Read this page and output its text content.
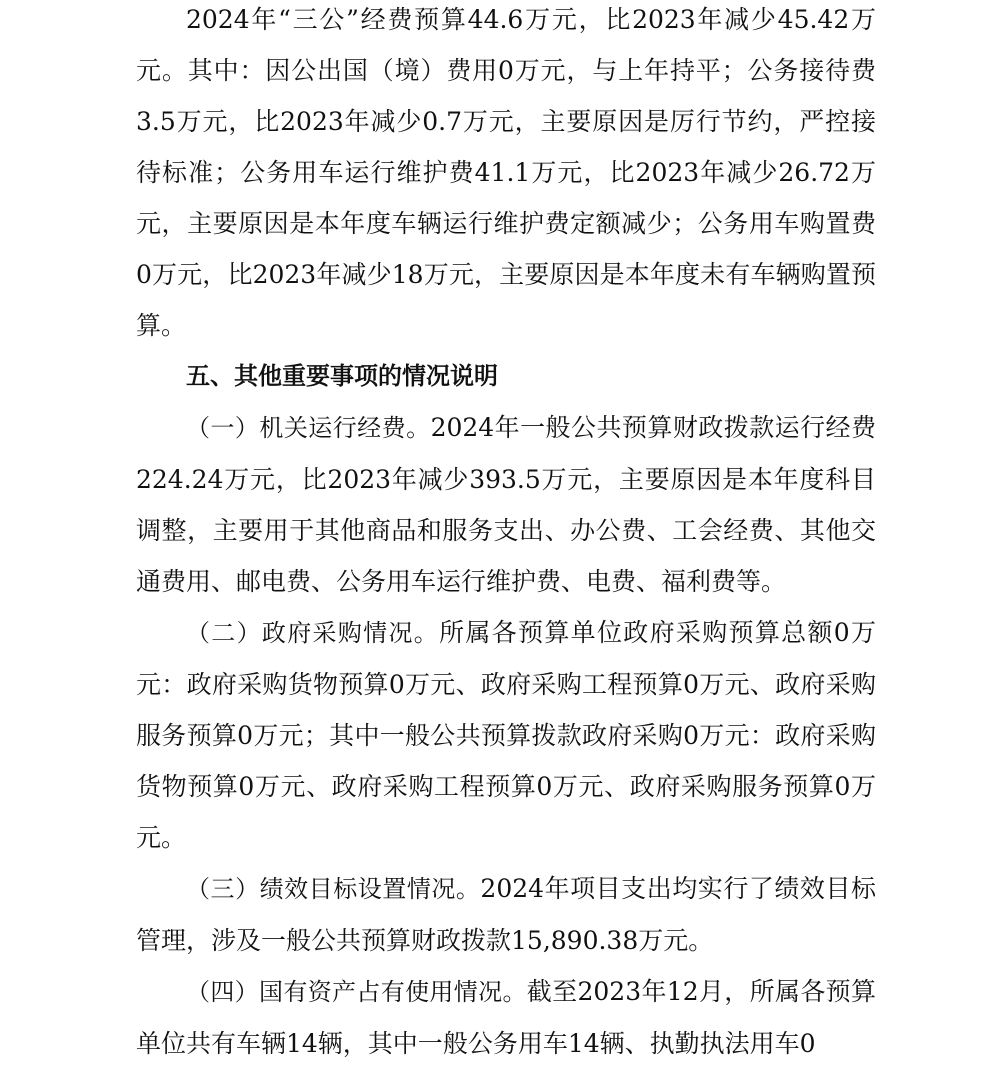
2024年“三公”经费预算44.6万元，比2023年减少45.42万元。其中：因公出国（境）费用0万元，与上年持平；公务接待费3.5万元，比2023年减少0.7万元，主要原因是厉行节约，严控接待标准；公务用车运行维护费41.1万元，比2023年减少26.72万元，主要原因是本年度车辆运行维护费定额减少；公务用车购置费0万元，比2023年减少18万元，主要原因是本年度未有车辆购置预算。

五、其他重要事项的情况说明

（一）机关运行经费。2024年一般公共预算财政拨款运行经费224.24万元，比2023年减少393.5万元，主要原因是本年度科目调整，主要用于其他商品和服务支出、办公费、工会经费、其他交通费用、邮电费、公务用车运行维护费、电费、福利费等。

（二）政府采购情况。所属各预算单位政府采购预算总额0万元：政府采购货物预算0万元、政府采购工程预算0万元、政府采购服务预算0万元；其中一般公共预算拨款政府采购0万元：政府采购货物预算0万元、政府采购工程预算0万元、政府采购服务预算0万元。

（三）绩效目标设置情况。2024年项目支出均实行了绩效目标管理，涉及一般公共预算财政拨款15,890.38万元。

（四）国有资产占有使用情况。截至2023年12月，所属各预算单位共有车辆14辆，其中一般公务用车14辆、执勤执法用车0
